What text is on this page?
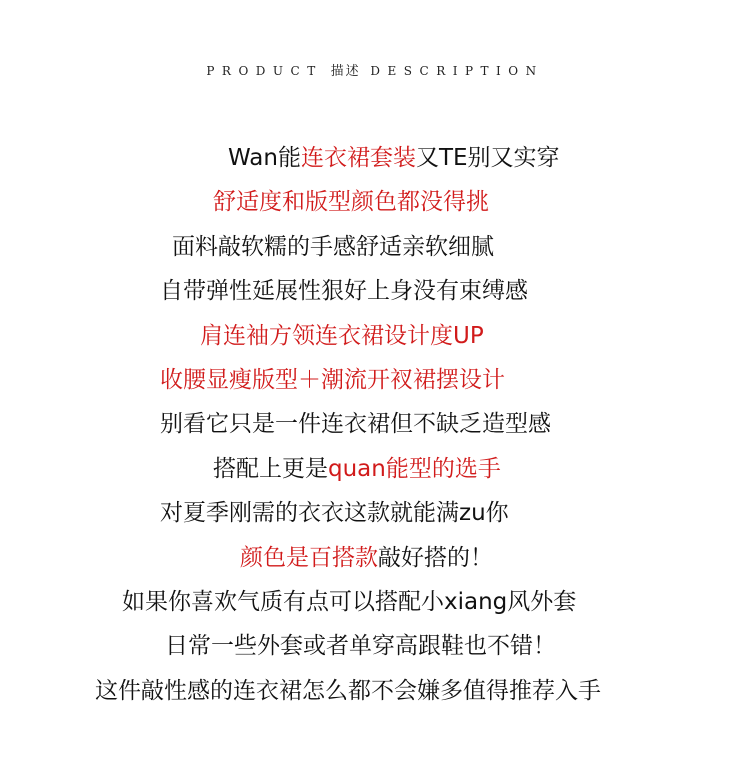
PRODUCT 描述 DESCRIPTION
Wan能连衣裙套装又TE别又实穿
舒适度和版型颜色都没得挑
面料敲软糯的手感舒适亲软细腻
自带弹性延展性狠好上身没有束缚感
肩连袖方领连衣裙设计度UP
收腰显瘦版型＋潮流开衩裙摆设计
别看它只是一件连衣裙但不缺乏造型感
搭配上更是quan能型的选手
对夏季刚需的衣衣这款就能满zu你
颜色是百搭款敲好搭的！
如果你喜欢气质有点可以搭配小xiang风外套
日常一些外套或者单穿高跟鞋也不错！
这件敲性感的连衣裙怎么都不会嫌多值得推荐入手
